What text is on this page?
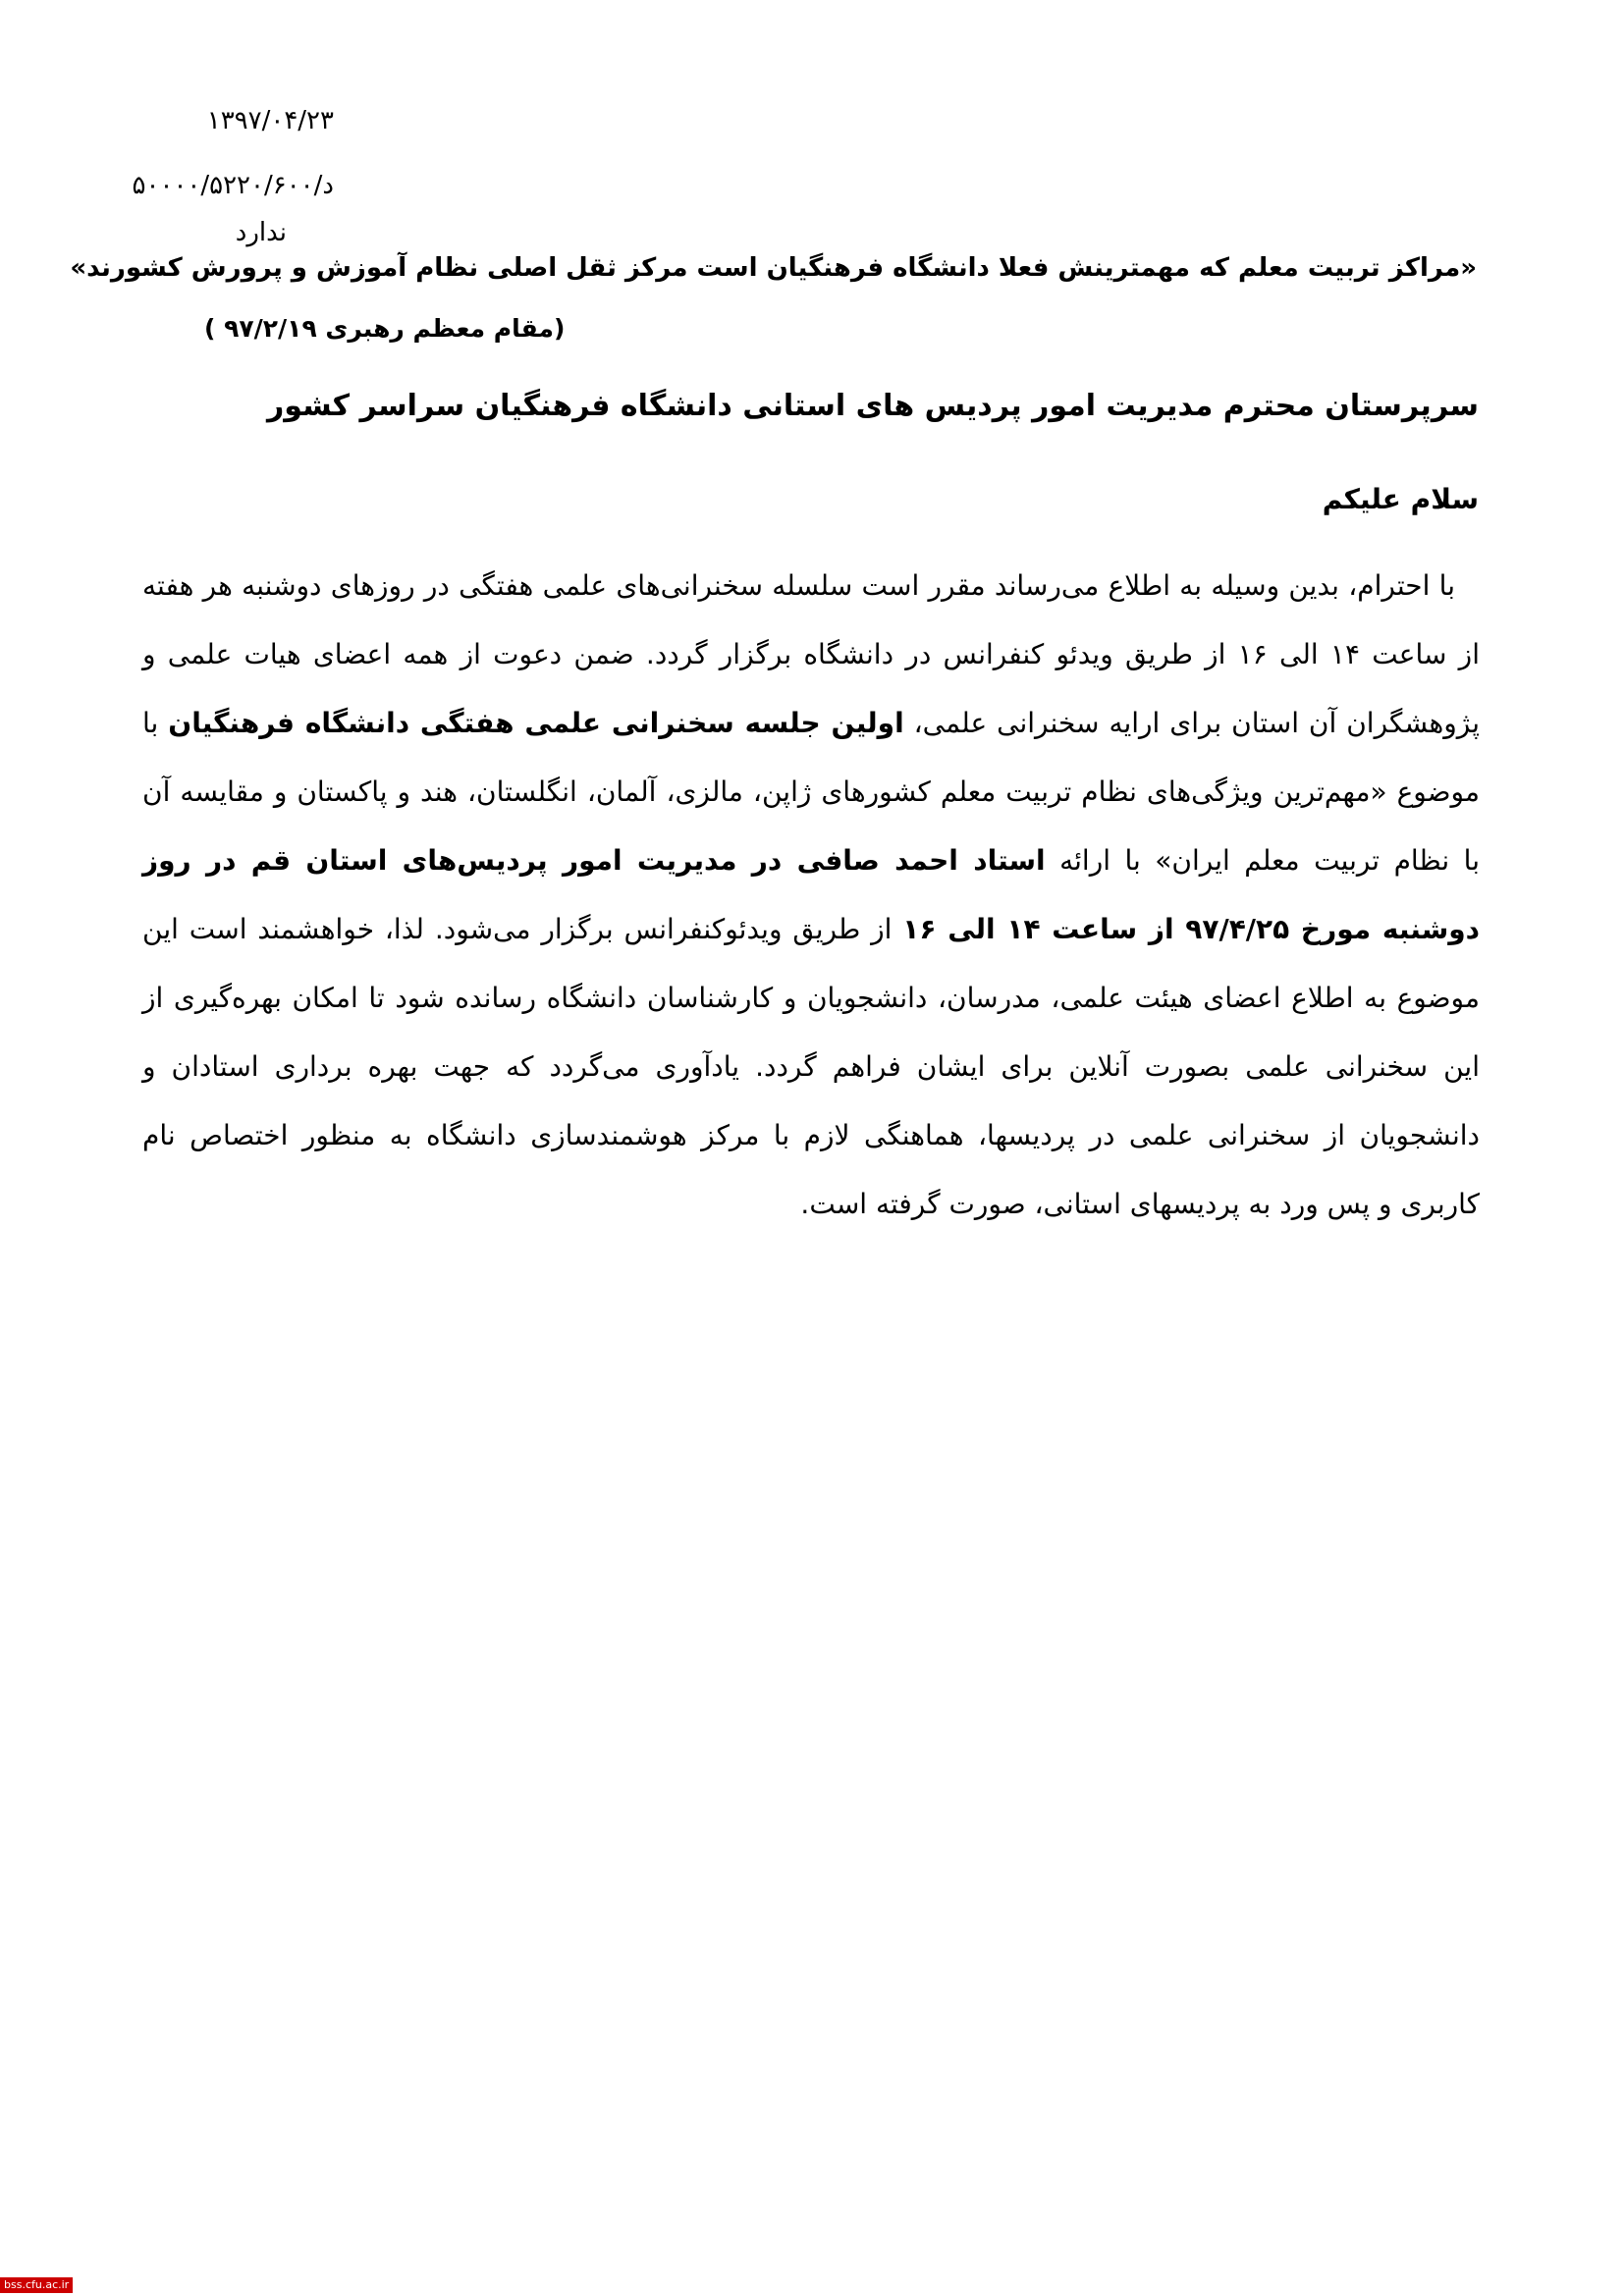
۱۳۹۷/۰۴/۲۳
د/۵۰۰۰۰/۵۲۲۰/۶۰۰
ندارد
«مراکز تربیت معلم که مهمترینش فعلا دانشگاه فرهنگیان است مرکز ثقل اصلی نظام آموزش و پرورش کشورند»
(مقام معظم رهبری ۹۷/۲/۱۹ )
سرپرستان محترم مدیریت امور پردیس های استانی دانشگاه فرهنگیان سراسر کشور
سلام علیکم

با احترام، بدین وسیله به اطلاع می‌رساند مقرر است سلسله سخنرانی‌های علمی هفتگی در روزهای دوشنبه هر هفته از ساعت ۱۴ الی ۱۶ از طریق ویدئو کنفرانس در دانشگاه برگزار گردد. ضمن دعوت از همه اعضای هیات علمی و پژوهشگران آن استان برای ارایه سخنرانی علمی، اولین جلسه سخنرانی علمی هفتگی دانشگاه فرهنگیان با موضوع «مهم‌ترین ویژگی‌های نظام تربیت معلم کشورهای ژاپن، مالزی، آلمان، انگلستان، هند و پاکستان و مقایسه آن با نظام تربیت معلم ایران» با ارائه استاد احمد صافی در مدیریت امور پردیس‌های استان قم در روز دوشنبه مورخ ۹۷/۴/۲۵ از ساعت ۱۴ الی ۱۶ از طریق ویدئوکنفرانس برگزار می‌شود. لذا، خواهشمند است این موضوع به اطلاع اعضای هیئت علمی، مدرسان، دانشجویان و کارشناسان دانشگاه رسانده شود تا امکان بهره‌گیری از این سخنرانی علمی بصورت آنلاین برای ایشان فراهم گردد. یادآوری می‌گردد که جهت بهره برداری استادان و دانشجویان از سخنرانی علمی در پردیسها، هماهنگی لازم با مرکز هوشمندسازی دانشگاه به منظور اختصاص نام کاربری و پس ورد به پردیسهای استانی، صورت گرفته است.

bss.cfu.ac.ir
